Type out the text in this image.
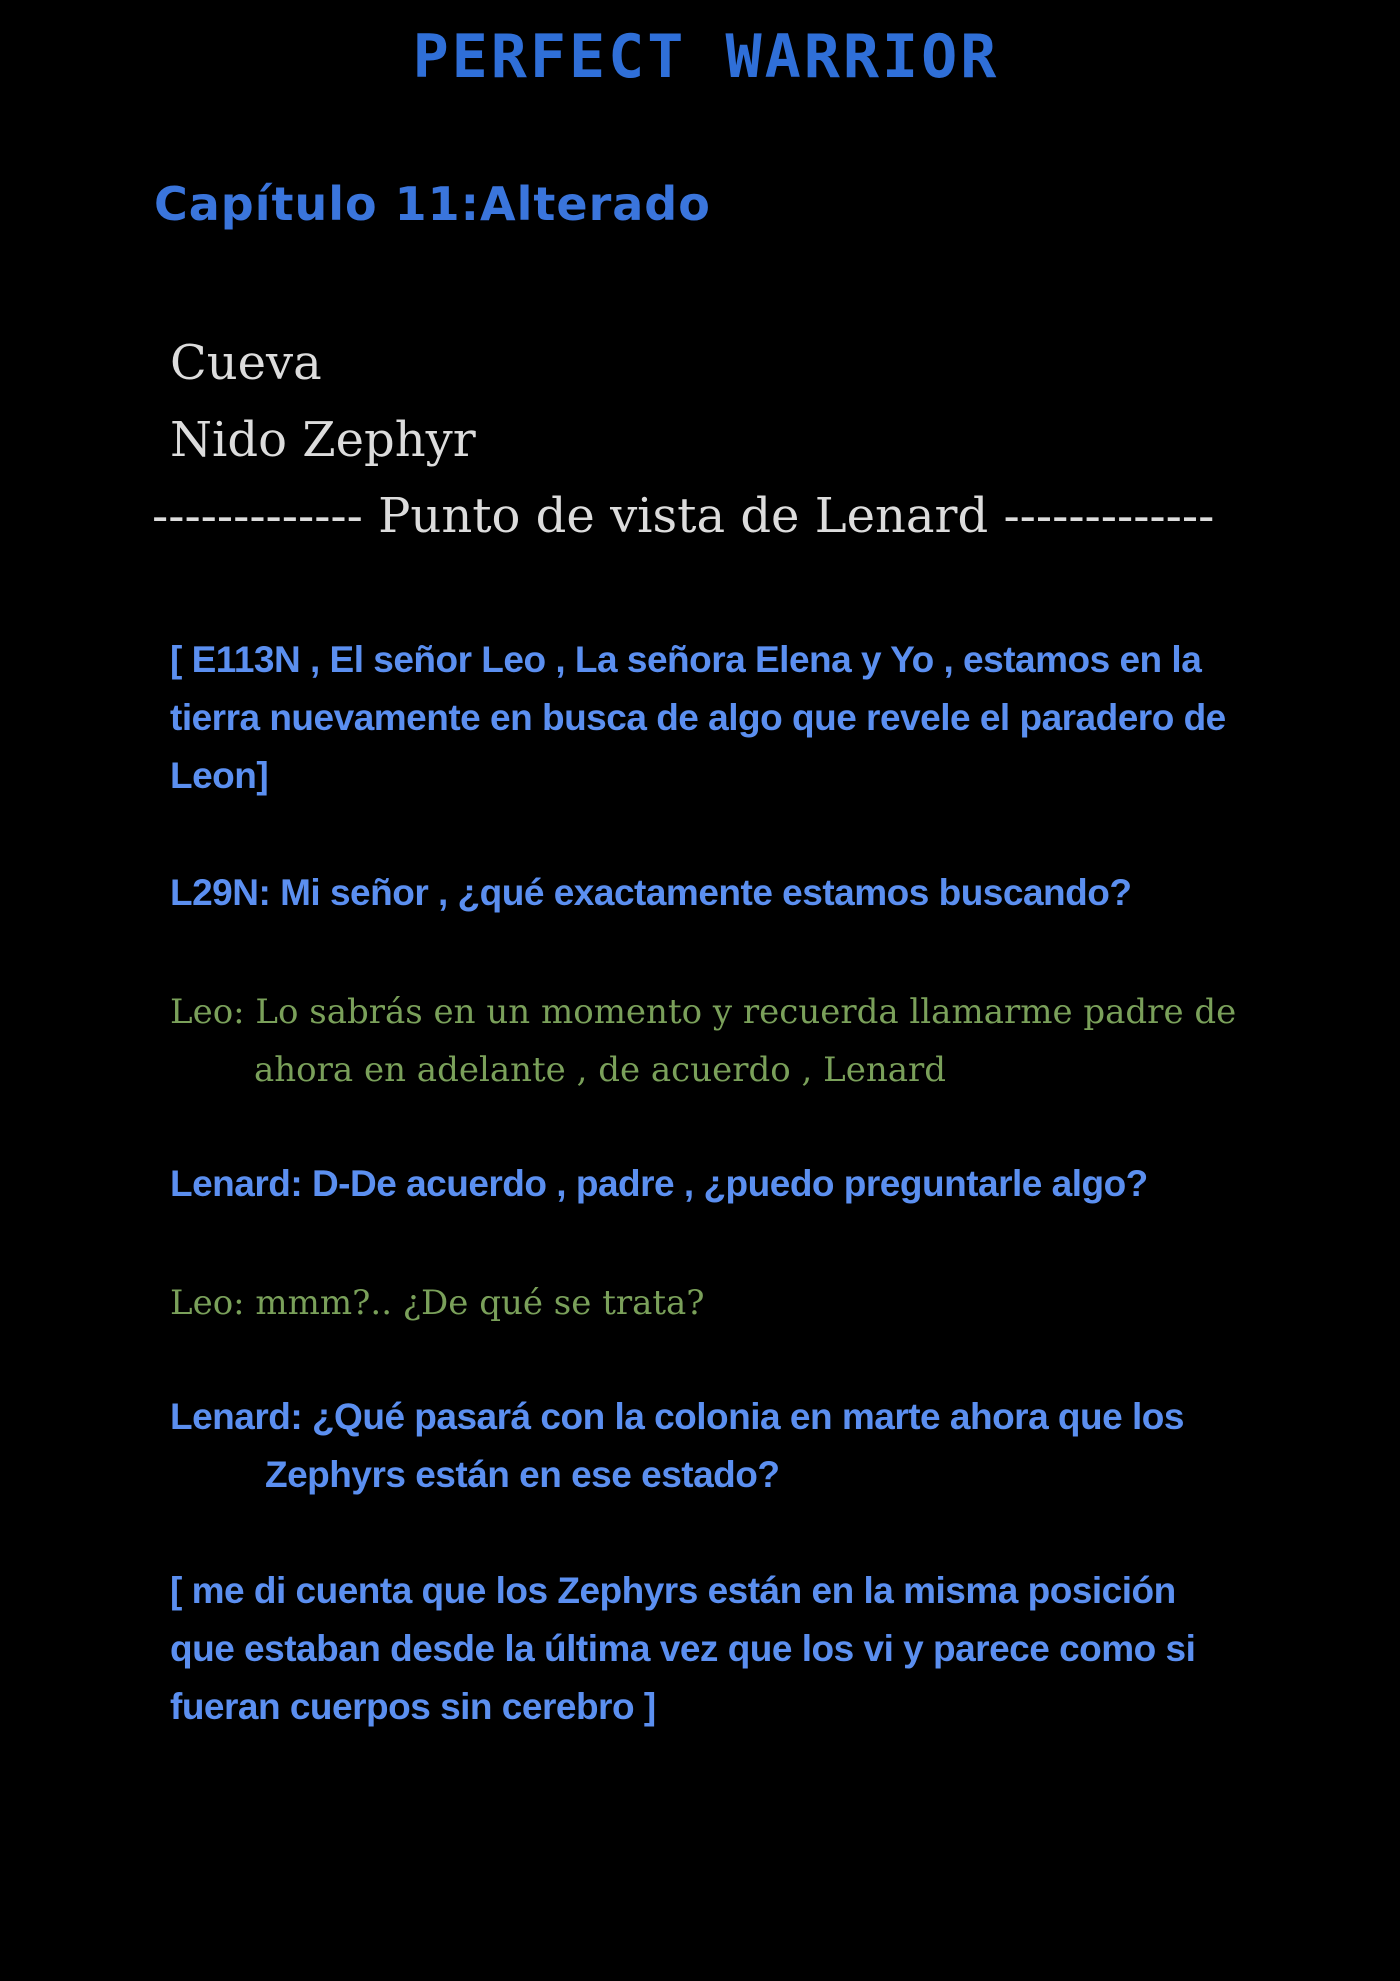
PERFECT WARRIOR
Capítulo 11:Alterado
Cueva
Nido Zephyr
------------- Punto de vista de Lenard -------------
[ E113N , El señor Leo , La señora Elena y Yo , estamos en la tierra nuevamente en busca de algo que revele el paradero de Leon]
L29N: Mi señor , ¿qué exactamente estamos buscando?
Leo: Lo sabrás en un momento y recuerda llamarme padre de
ahora en adelante , de acuerdo , Lenard
Lenard: D-De acuerdo , padre , ¿puedo preguntarle algo?
Leo: mmm?.. ¿De qué se trata?
Lenard: ¿Qué pasará con la colonia en marte ahora que los
Zephyrs están en ese estado?
[ me di cuenta que los Zephyrs están en la misma posición que estaban desde la última vez que los vi y parece como si fueran cuerpos sin cerebro ]
